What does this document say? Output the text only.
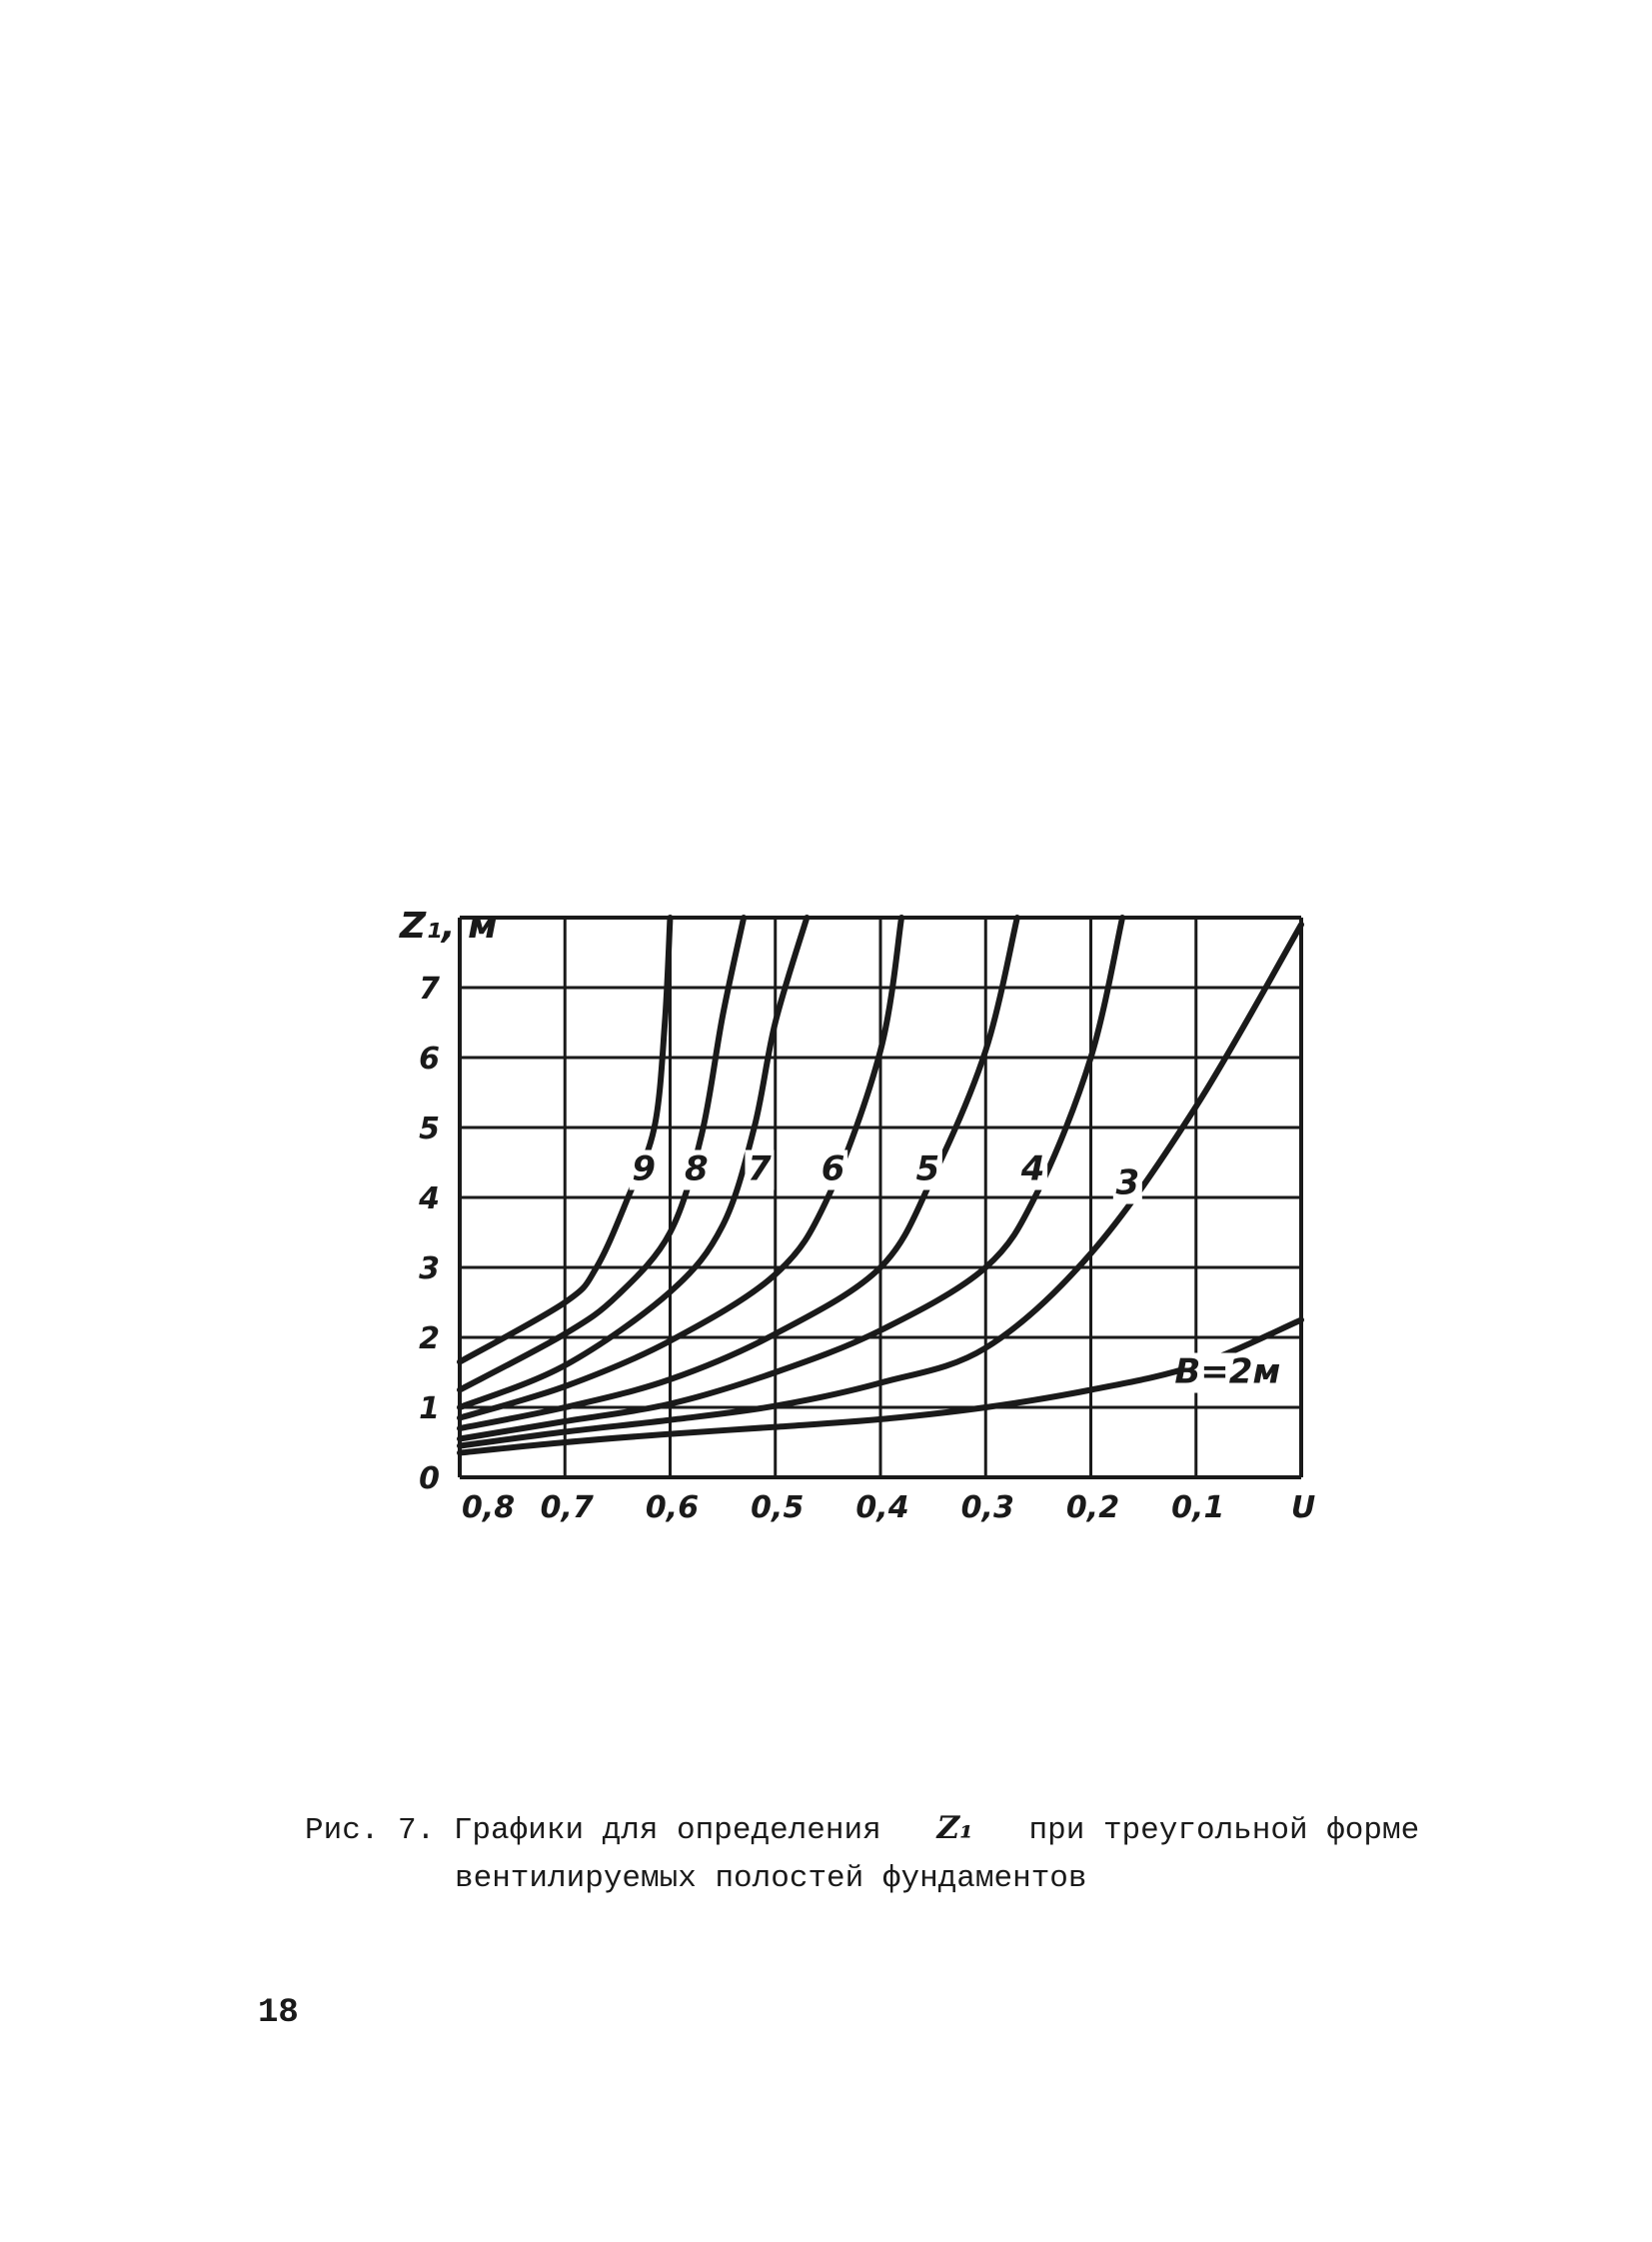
0,8 0,7 0,6 0,5 0,4 0,3 0,2 0,1 U
0
1
2
3
4
5
6
7
B=2м
3
4
5
6
7
8
9
Z₁, м
Рис. 7. Графики для определения Z₁ при треугольной форме
вентилируемых полостей фундаментов
18
